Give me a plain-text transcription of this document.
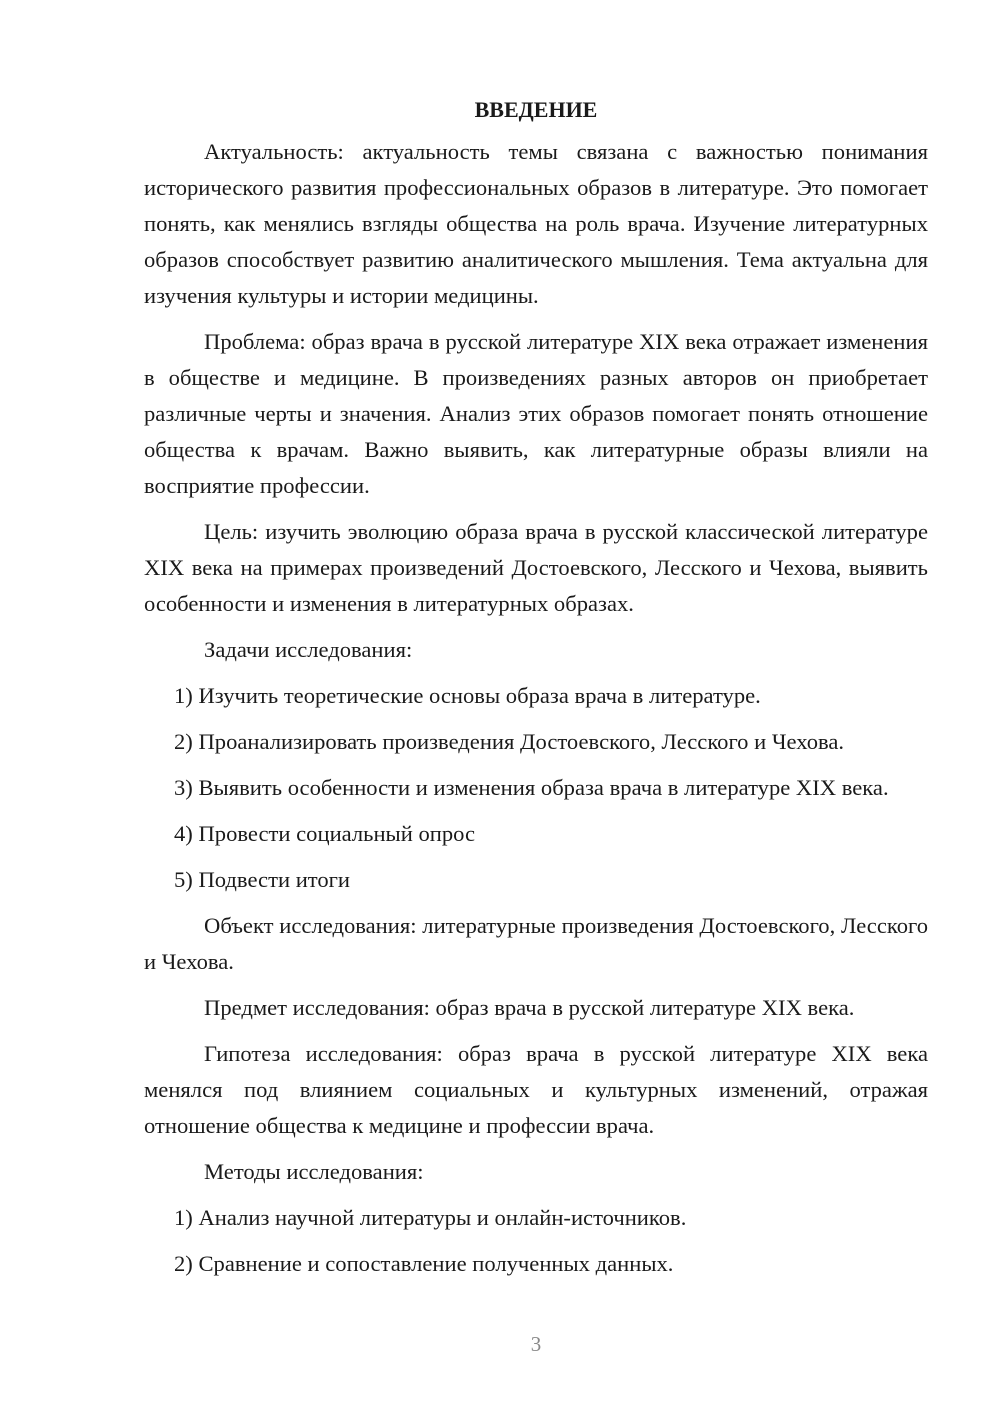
ВВЕДЕНИЕ

Актуальность: актуальность темы связана с важностью понимания исторического развития профессиональных образов в литературе. Это помогает понять, как менялись взгляды общества на роль врача. Изучение литературных образов способствует развитию аналитического мышления. Тема актуальна для изучения культуры и истории медицины.

Проблема: образ врача в русской литературе XIX века отражает изменения в обществе и медицине. В произведениях разных авторов он приобретает различные черты и значения. Анализ этих образов помогает понять отношение общества к врачам. Важно выявить, как литературные образы влияли на восприятие профессии.

Цель: изучить эволюцию образа врача в русской классической литературе XIX века на примерах произведений Достоевского, Лесского и Чехова, выявить особенности и изменения в литературных образах.

Задачи исследования:

1) Изучить теоретические основы образа врача в литературе.

2) Проанализировать произведения Достоевского, Лесского и Чехова.

3) Выявить особенности и изменения образа врача в литературе XIX века.

4) Провести социальный опрос

5) Подвести итоги

Объект исследования: литературные произведения Достоевского, Лесского и Чехова.

Предмет исследования: образ врача в русской литературе XIX века.

Гипотеза исследования: образ врача в русской литературе XIX века менялся под влиянием социальных и культурных изменений, отражая отношение общества к медицине и профессии врача.

Методы исследования:

1) Анализ научной литературы и онлайн-источников.

2) Сравнение и сопоставление полученных данных.

3
